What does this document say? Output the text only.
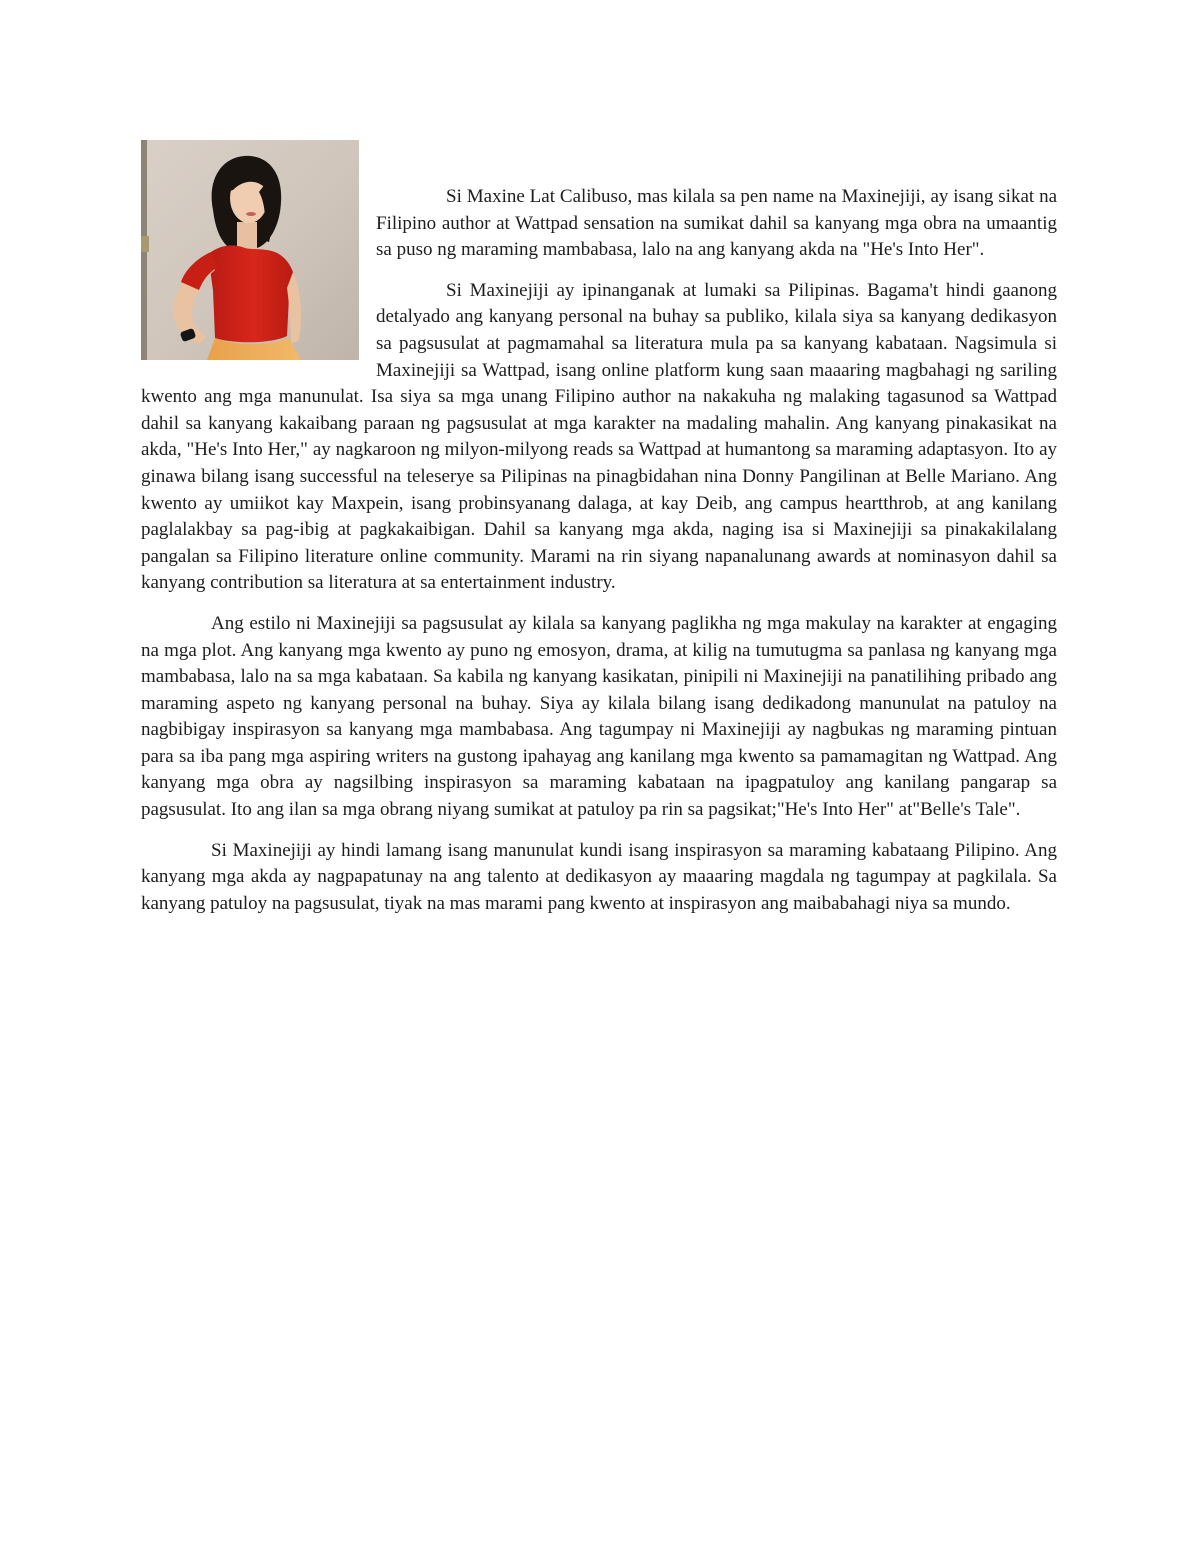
Si Maxine Lat Calibuso, mas kilala sa pen name na Maxinejiji, ay isang sikat na Filipino author at Wattpad sensation na sumikat dahil sa kanyang mga obra na umaantig sa puso ng maraming mambabasa, lalo na ang kanyang akda na "He's Into Her".

Si Maxinejiji ay ipinanganak at lumaki sa Pilipinas. Bagama't hindi gaanong detalyado ang kanyang personal na buhay sa publiko, kilala siya sa kanyang dedikasyon sa pagsusulat at pagmamahal sa literatura mula pa sa kanyang kabataan. Nagsimula si Maxinejiji sa Wattpad, isang online platform kung saan maaaring magbahagi ng sariling kwento ang mga manunulat. Isa siya sa mga unang Filipino author na nakakuha ng malaking tagasunod sa Wattpad dahil sa kanyang kakaibang paraan ng pagsusulat at mga karakter na madaling mahalin. Ang kanyang pinakasikat na akda, "He's Into Her," ay nagkaroon ng milyon-milyong reads sa Wattpad at humantong sa maraming adaptasyon. Ito ay ginawa bilang isang successful na teleserye sa Pilipinas na pinagbidahan nina Donny Pangilinan at Belle Mariano. Ang kwento ay umiikot kay Maxpein, isang probinsyanang dalaga, at kay Deib, ang campus heartthrob, at ang kanilang paglalakbay sa pag-ibig at pagkakaibigan. Dahil sa kanyang mga akda, naging isa si Maxinejiji sa pinakakilalang pangalan sa Filipino literature online community. Marami na rin siyang napanalunang awards at nominasyon dahil sa kanyang contribution sa literatura at sa entertainment industry.

Ang estilo ni Maxinejiji sa pagsusulat ay kilala sa kanyang paglikha ng mga makulay na karakter at engaging na mga plot. Ang kanyang mga kwento ay puno ng emosyon, drama, at kilig na tumutugma sa panlasa ng kanyang mga mambabasa, lalo na sa mga kabataan. Sa kabila ng kanyang kasikatan, pinipili ni Maxinejiji na panatilihing pribado ang maraming aspeto ng kanyang personal na buhay. Siya ay kilala bilang isang dedikadong manunulat na patuloy na nagbibigay inspirasyon sa kanyang mga mambabasa. Ang tagumpay ni Maxinejiji ay nagbukas ng maraming pintuan para sa iba pang mga aspiring writers na gustong ipahayag ang kanilang mga kwento sa pamamagitan ng Wattpad. Ang kanyang mga obra ay nagsilbing inspirasyon sa maraming kabataan na ipagpatuloy ang kanilang pangarap sa pagsusulat. Ito ang ilan sa mga obrang niyang sumikat at patuloy pa rin sa pagsikat;"He's Into Her" at"Belle's Tale".

Si Maxinejiji ay hindi lamang isang manunulat kundi isang inspirasyon sa maraming kabataang Pilipino. Ang kanyang mga akda ay nagpapatunay na ang talento at dedikasyon ay maaaring magdala ng tagumpay at pagkilala. Sa kanyang patuloy na pagsusulat, tiyak na mas marami pang kwento at inspirasyon ang maibabahagi niya sa mundo.
